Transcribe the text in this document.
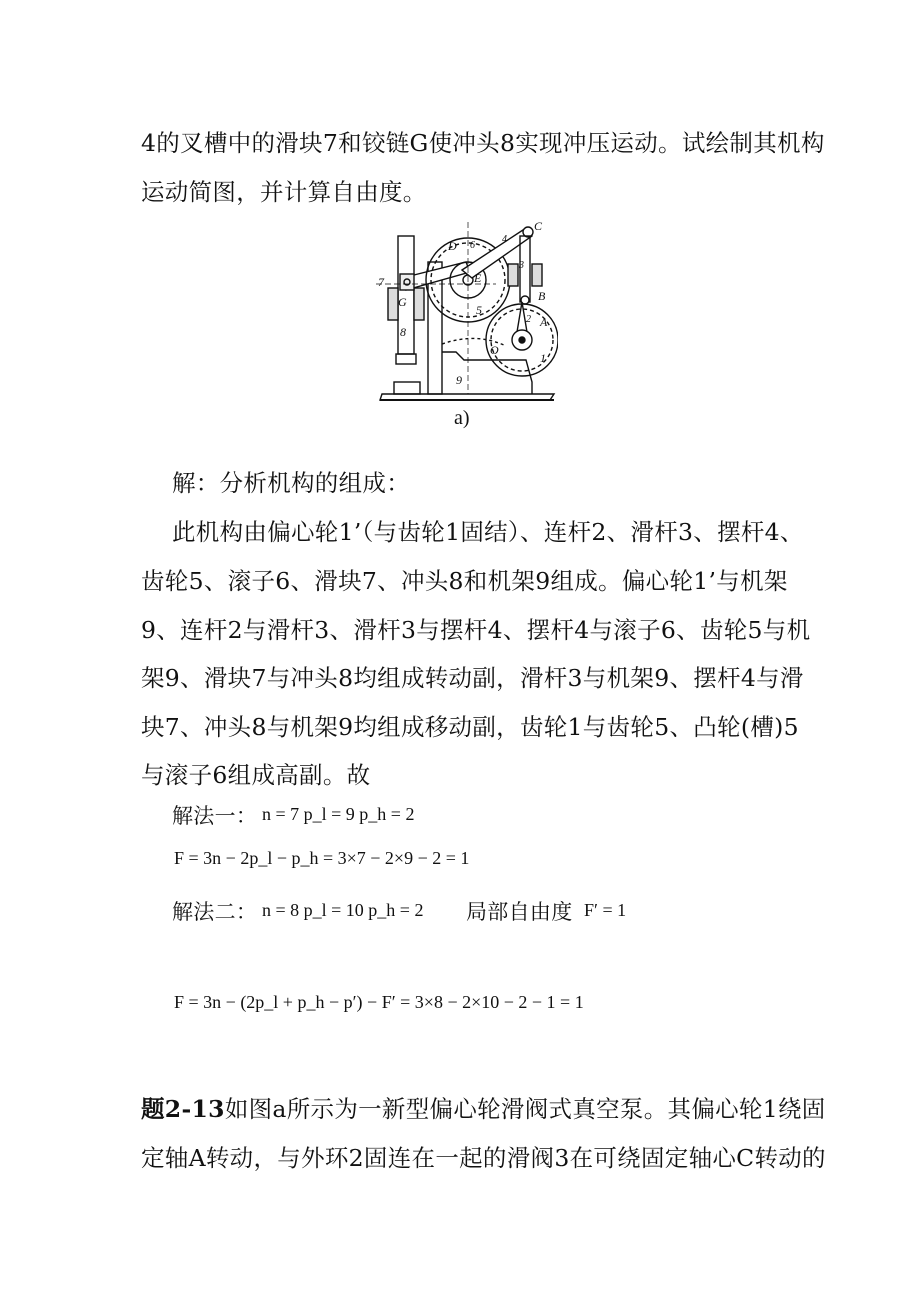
4的叉槽中的滑块7和铰链G使冲头8实现冲压运动。试绘制其机构
运动简图，并计算自由度。
C
D 6
4
E
3
7
G
8
5
B
2 A
O
1
9
a)
解：分析机构的组成：
此机构由偏心轮1’（与齿轮1固结）、连杆2、滑杆3、摆杆4、
齿轮5、滚子6、滑块7、冲头8和机架9组成。偏心轮1’与机架
9、连杆2与滑杆3、滑杆3与摆杆4、摆杆4与滚子6、齿轮5与机
架9、滑块7与冲头8均组成转动副，滑杆3与机架9、摆杆4与滑
块7、冲头8与机架9均组成移动副，齿轮1与齿轮5、凸轮(槽)5
与滚子6组成高副。故
解法一： n = 7 p_l = 9 p_h = 2
F = 3n − 2p_l − p_h = 3×7 − 2×9 − 2 = 1
解法二： n = 8 p_l = 10 p_h = 2 局部自由度 F′ = 1
F = 3n − (2p_l + p_h − p′) − F′ = 3×8 − 2×10 − 2 − 1 = 1
题2-13如图a所示为一新型偏心轮滑阀式真空泵。其偏心轮1绕固
定轴A转动，与外环2固连在一起的滑阀3在可绕固定轴心C转动的
